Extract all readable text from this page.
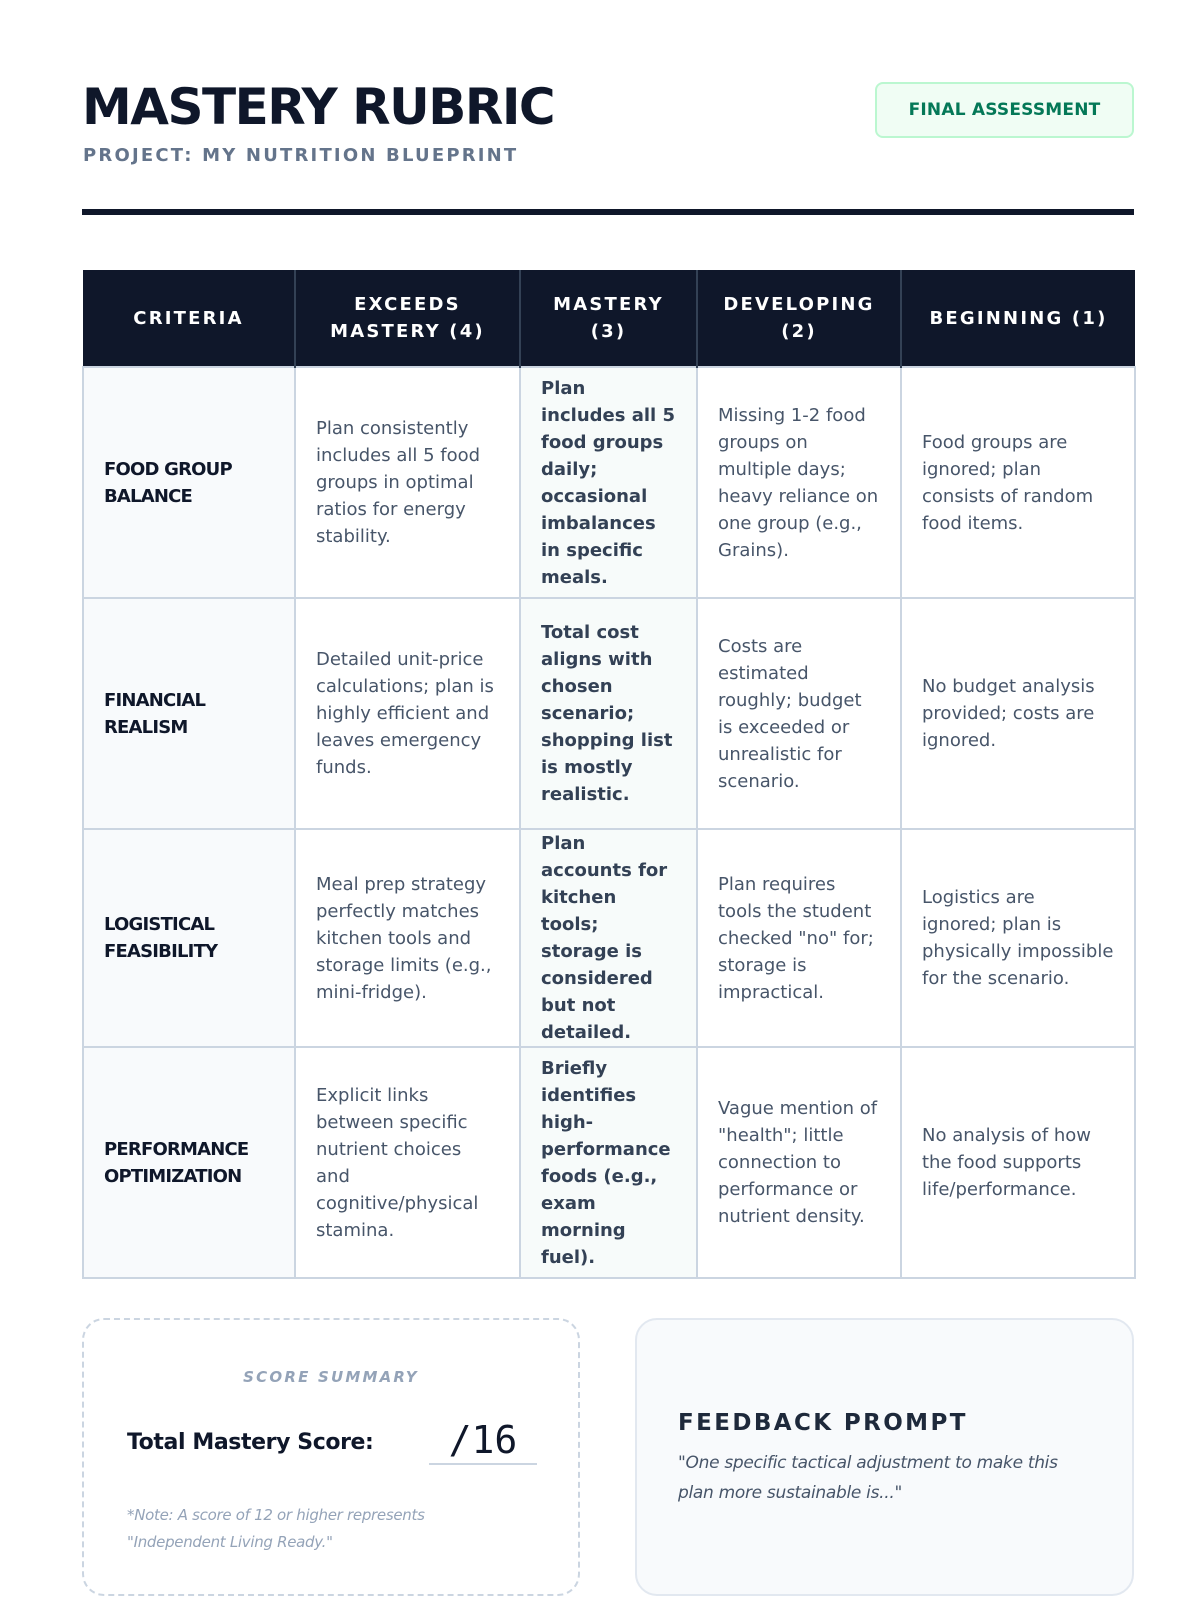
MASTERY RUBRIC
PROJECT: MY NUTRITION BLUEPRINT
FINAL ASSESSMENT
CRITERIA	EXCEEDS MASTERY (4)	MASTERY (3)	DEVELOPING (2)	BEGINNING (1)
FOOD GROUP BALANCE	Plan consistently includes all 5 food groups in optimal ratios for energy stability.	Plan includes all 5 food groups daily; occasional imbalances in specific meals.	Missing 1-2 food groups on multiple days; heavy reliance on one group (e.g., Grains).	Food groups are ignored; plan consists of random food items.
FINANCIAL REALISM	Detailed unit-price calculations; plan is highly efficient and leaves emergency funds.	Total cost aligns with chosen scenario; shopping list is mostly realistic.	Costs are estimated roughly; budget is exceeded or unrealistic for scenario.	No budget analysis provided; costs are ignored.
LOGISTICAL FEASIBILITY	Meal prep strategy perfectly matches kitchen tools and storage limits (e.g., mini-fridge).	Plan accounts for kitchen tools; storage is considered but not detailed.	Plan requires tools the student checked "no" for; storage is impractical.	Logistics are ignored; plan is physically impossible for the scenario.
PERFORMANCE OPTIMIZATION	Explicit links between specific nutrient choices and cognitive/physical stamina.	Briefly identifies high-performance foods (e.g., exam morning fuel).	Vague mention of "health"; little connection to performance or nutrient density.	No analysis of how the food supports life/performance.
SCORE SUMMARY
Total Mastery Score:	/16
*Note: A score of 12 or higher represents "Independent Living Ready."
FEEDBACK PROMPT
"One specific tactical adjustment to make this plan more sustainable is..."
